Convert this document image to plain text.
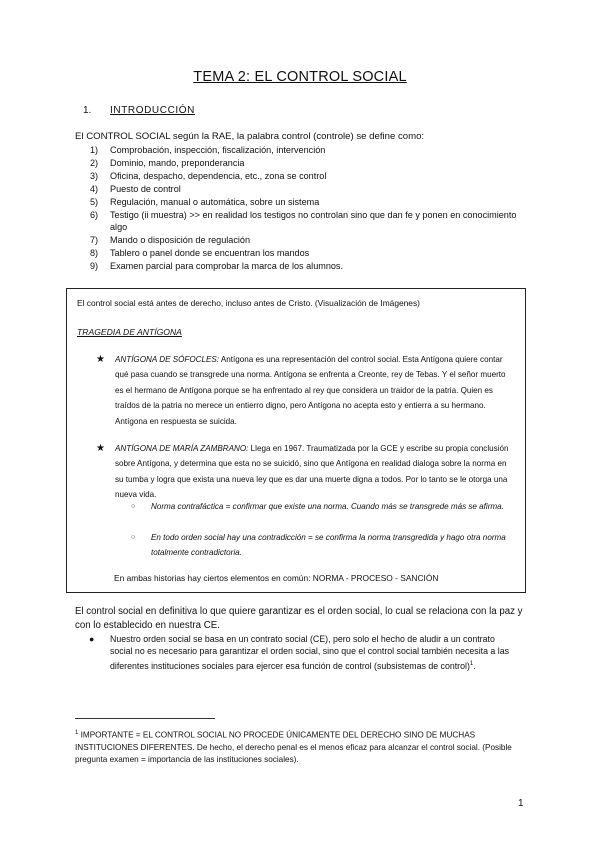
TEMA 2: EL CONTROL SOCIAL
1. INTRODUCCIÓN
El CONTROL SOCIAL según la RAE, la palabra control (controle) se define como:
1) Comprobación, inspección, fiscalización, intervención
2) Dominio, mando, preponderancia
3) Oficina, despacho, dependencia, etc., zona se control
4) Puesto de control
5) Regulación, manual o automática, sobre un sistema
6) Testigo (ii muestra) >> en realidad los testigos no controlan sino que dan fe y ponen en conocimiento algo
7) Mando o disposición de regulación
8) Tablero o panel donde se encuentran los mandos
9) Examen parcial para comprobar la marca de los alumnos.
El control social está antes de derecho, incluso antes de Cristo. (Visualización de Imágenes)
TRAGEDIA DE ANTÍGONA
★ ANTÍGONA DE SÓFOCLES: Antígona es una representación del control social. Esta Antígona quiere contar qué pasa cuando se transgrede una norma. Antígona se enfrenta a Creonte, rey de Tebas. Y el señor muerto es el hermano de Antígona porque se ha enfrentado al rey que considera un traidor de la patria. Quien es traídos de la patria no merece un entierro digno, pero Antígona no acepta esto y entierra a su hermano. Antígona en respuesta se suicida.
★ ANTÍGONA DE MARÍA ZAMBRANO: Llega en 1967. Traumatizada por la GCE y escribe su propia conclusión sobre Antígona, y determina que esta no se suicidó, sino que Antígona en realidad dialoga sobre la norma en su tumba y logra que exista una nueva ley que es dar una muerte digna a todos. Por lo tanto se le otorga una nueva vida.
○ Norma contrafáctica = confirmar que existe una norma. Cuando más se transgrede más se afirma.
○ En todo orden social hay una contradicción = se confirma la norma transgredida y hago otra norma totalmente contradictoria.
En ambas historias hay ciertos elementos en común: NORMA - PROCESO - SANCIÓN
El control social en definitiva lo que quiere garantizar es el orden social, lo cual se relaciona con la paz y con lo establecido en nuestra CE.
● Nuestro orden social se basa en un contrato social (CE), pero solo el hecho de aludir a un contrato social no es necesario para garantizar el orden social, sino que el control social también necesita a las diferentes instituciones sociales para ejercer esa función de control (subsistemas de control)$^1$.
$^1$ IMPORTANTE = EL CONTROL SOCIAL NO PROCEDE ÚNICAMENTE DEL DERECHO SINO DE MUCHAS INSTITUCIONES DIFERENTES. De hecho, el derecho penal es el menos eficaz para alcanzar el control social. (Posible pregunta examen = importancia de las instituciones sociales).
1
